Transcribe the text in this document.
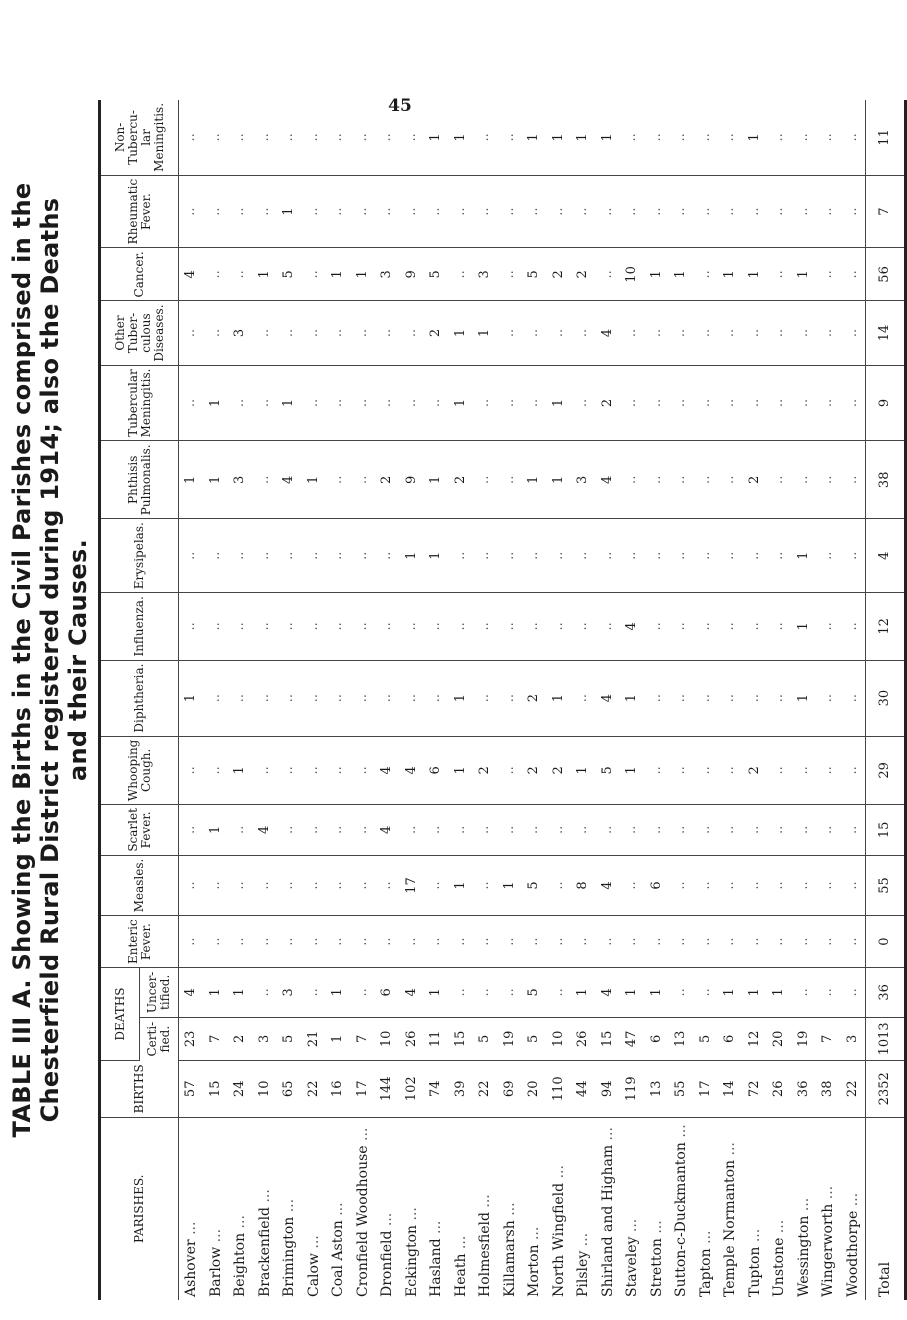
45
TABLE III A. Showing the Births in the Civil Parishes comprised in the Chesterfield Rural District registered during 1914; also the Deaths and their Causes.
PARISHES.	BIRTHS	DEATHS		Enteric Fever.	Measles.	Scarlet Fever.	Whooping Cough.	Diphtheria.	Influenza.	Erysipelas.	Phthisis Pulmonalis.	Tubercular Meningitis.	Other Tuber-culous Diseases.	Cancer.	Rheumatic Fever.	Non-Tubercu-lar Meningitis.
		Certi-fied.	Uncer-tified.													
Ashover ...	57	23	4	..	..	..	..	1	..	..	1	..	..	4	..	..
Barlow ...	15	7	1	..	..	1	..	..	..	..	1	1	..	..	..	..
Beighton ...	24	2	1	..	..	..	1	..	..	..	3	..	3	..	..	..
Brackenfield ...	10	3	..	..	..	4	..	..	..	..	..	..	..	1	..	..
Brimington ...	65	5	3	..	..	..	..	..	..	..	4	1	..	5	1	..
Calow ...	22	21	..	..	..	..	..	..	..	..	1	..	..	..	..	..
Coal Aston ...	16	1	1	..	..	..	..	..	..	..	..	..	..	1	..	..
Cronfield Woodhouse ...	17	7	..	..	..	..	..	..	..	..	..	..	..	1	..	..
Dronfield ...	144	10	6	..	..	4	4	..	..	..	2	..	..	3	..	..
Eckington ...	102	26	4	..	17	..	4	..	..	1	9	..	..	9	..	..
Hasland ...	74	11	1	..	..	..	6	..	..	1	1	..	2	5	..	1
Heath ...	39	15	..	..	1	..	1	1	..	..	2	1	1	..	..	1
Holmesfield ...	22	5	..	..	..	..	2	..	..	..	..	..	1	3	..	..
Killamarsh ...	69	19	..	..	1	..	..	..	..	..	..	..	..	..	..	..
Morton ...	20	5	5	..	5	..	2	2	..	..	1	..	..	5	..	1
North Wingfield ...	110	10	..	..	..	..	2	1	..	..	1	1	..	2	..	1
Pilsley ...	44	26	1	..	8	..	1	..	..	..	3	..	..	2	..	1
Shirland and Higham ...	94	15	4	..	4	..	5	4	..	..	4	2	4	..	..	1
Staveley ...	119	47	1	..	..	..	1	1	4	..	..	..	..	10	..	..
Stretton ...	13	6	1	..	6	..	..	..	..	..	..	..	..	1	..	..
Sutton-c-Duckmanton ...	55	13	..	..	..	..	..	..	..	..	..	..	..	1	..	..
Tapton ...	17	5	..	..	..	..	..	..	..	..	..	..	..	..	..	..
Temple Normanton ...	14	6	1	..	..	..	..	..	..	..	..	..	..	1	..	..
Tupton ...	72	12	1	..	..	..	2	..	..	..	2	..	..	1	..	1
Unstone ...	26	20	1	..	..	..	..	..	..	..	..	..	..	..	..	..
Wessington ...	36	19	..	..	..	..	..	1	1	1	..	..	..	1	..	..
Wingerworth ...	38	7	..	..	..	..	..	..	..	..	..	..	..	..	..	..
Woodthorpe ...	22	3	..	..	..	..	..	..	..	..	..	..	..	..	..	..
Total	2352	1013	36	0	55	15	29	30	12	4	38	9	14	56	7	11
